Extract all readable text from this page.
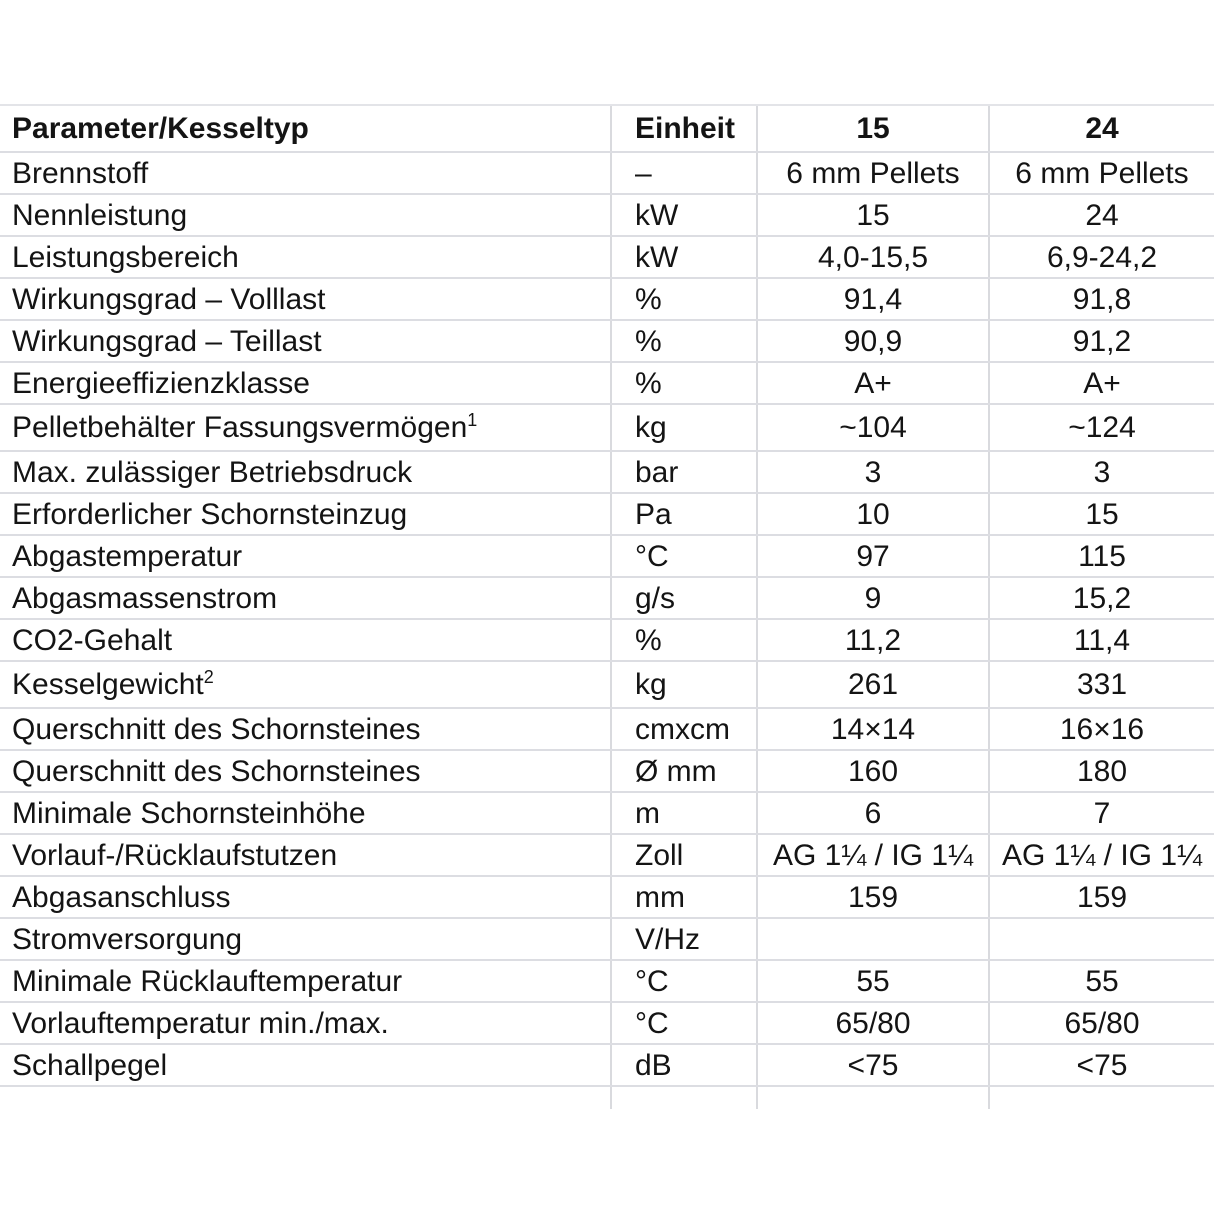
Parameter/Kesseltyp	Einheit	15	24
Brennstoff	–	6 mm Pellets	6 mm Pellets
Nennleistung	kW	15	24
Leistungsbereich	kW	4,0-15,5	6,9-24,2
Wirkungsgrad – Volllast	%	91,4	91,8
Wirkungsgrad – Teillast	%	90,9	91,2
Energieeffizienzklasse	%	A+	A+
Pelletbehälter Fassungsvermögen$^1$	kg	~104	~124
Max. zulässiger Betriebsdruck	bar	3	3
Erforderlicher Schornsteinzug	Pa	10	15
Abgastemperatur	°C	97	115
Abgasmassenstrom	g/s	9	15,2
CO2-Gehalt	%	11,2	11,4
Kesselgewicht$^2$	kg	261	331
Querschnitt des Schornsteines	cmxcm	14×14	16×16
Querschnitt des Schornsteines	Ø mm	160	180
Minimale Schornsteinhöhe	m	6	7
Vorlauf-/Rücklaufstutzen	Zoll	AG 1¼ / IG 1¼	AG 1¼ / IG 1¼
Abgasanschluss	mm	159	159
Stromversorgung	V/Hz		
Minimale Rücklauftemperatur	°C	55	55
Vorlauftemperatur min./max.	°C	65/80	65/80
Schallpegel	dB	<75	<75
